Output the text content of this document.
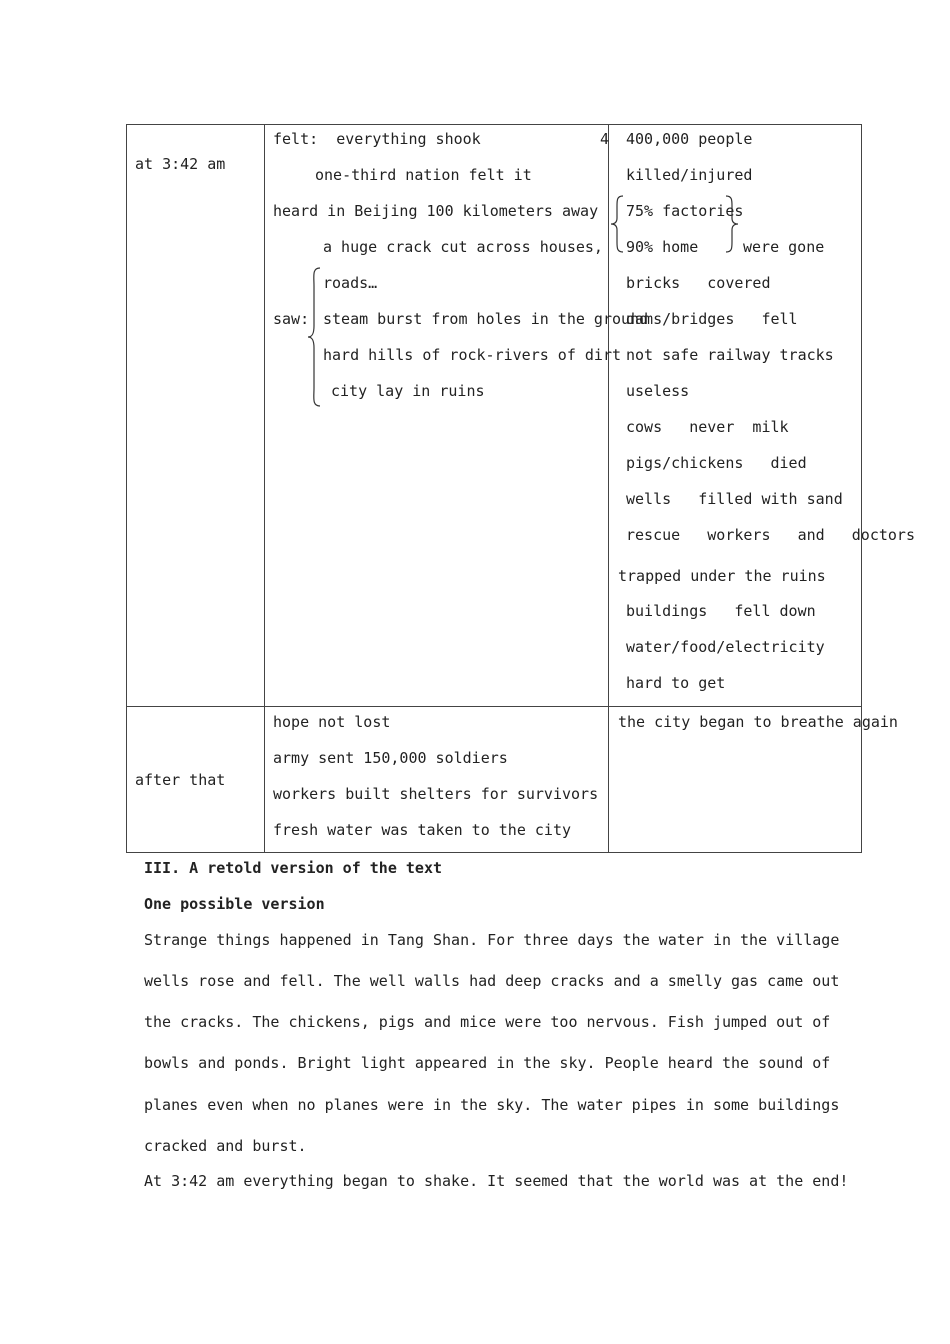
at 3:42 am
felt:  everything shook	4
one-third nation felt it
heard in Beijing 100 kilometers away
a huge crack cut across houses,
roads…
saw: steam burst from holes in the ground
hard hills of rock-rivers of dirt
city lay in ruins
400,000 people
killed/injured
75% factories
90% home	were gone
bricks   covered
dams/bridges   fell
not safe railway tracks
useless
cows   never  milk
pigs/chickens   died
wells   filled with sand
rescue   workers   and   doctors
trapped under the ruins
buildings   fell down
water/food/electricity
hard to get
after that
hope not lost
army sent 150,000 soldiers
workers built shelters for survivors
fresh water was taken to the city
the city began to breathe again
III. A retold version of the text
One possible version
Strange things happened in Tang Shan. For three days the water in the village
wells rose and fell. The well walls had deep cracks and a smelly gas came out
the cracks. The chickens, pigs and mice were too nervous. Fish jumped out of
bowls and ponds. Bright light appeared in the sky. People heard the sound of
planes even when no planes were in the sky. The water pipes in some buildings
cracked and burst.
At 3:42 am everything began to shake. It seemed that the world was at the end!
